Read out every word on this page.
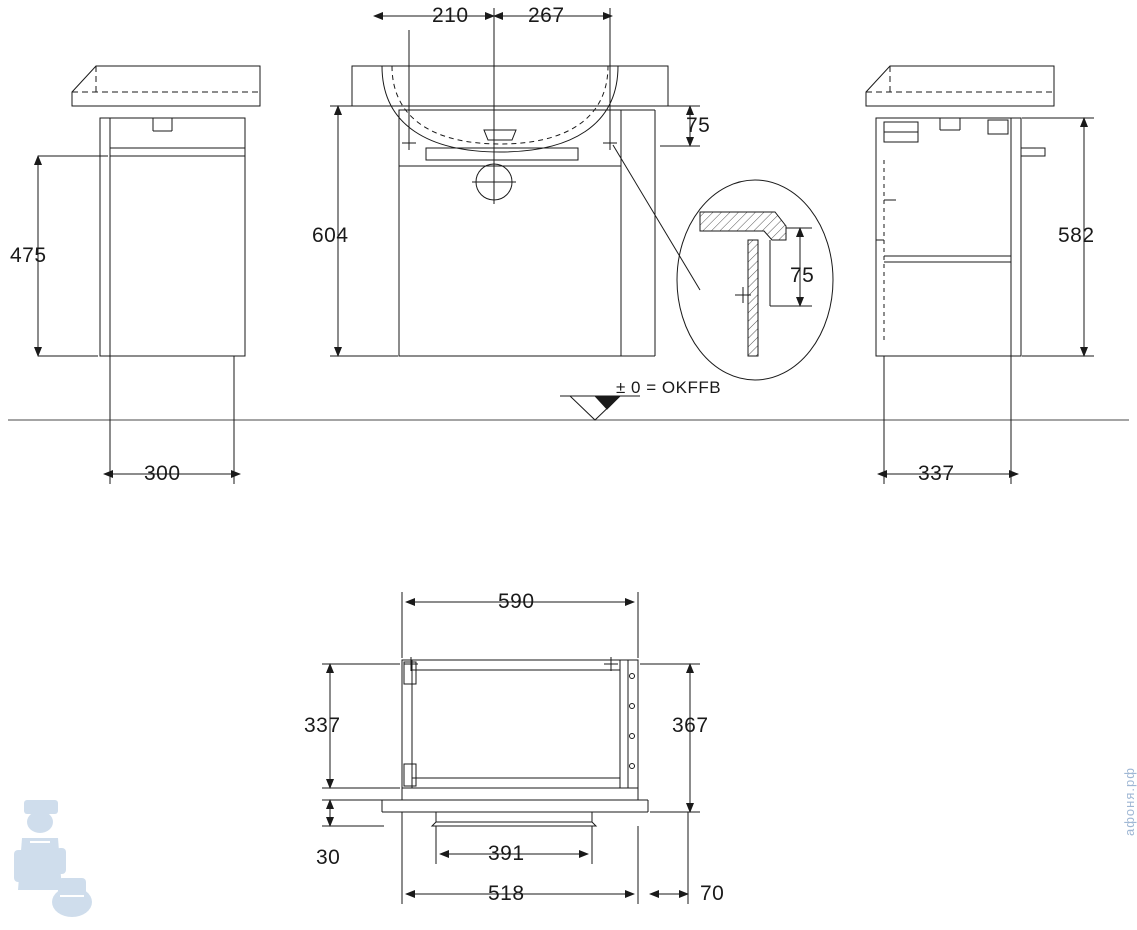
210	267
604
75
75
475
300
582
337
± 0 = OKFFB
590
337	367
30	391
518	70
афоня.рф
